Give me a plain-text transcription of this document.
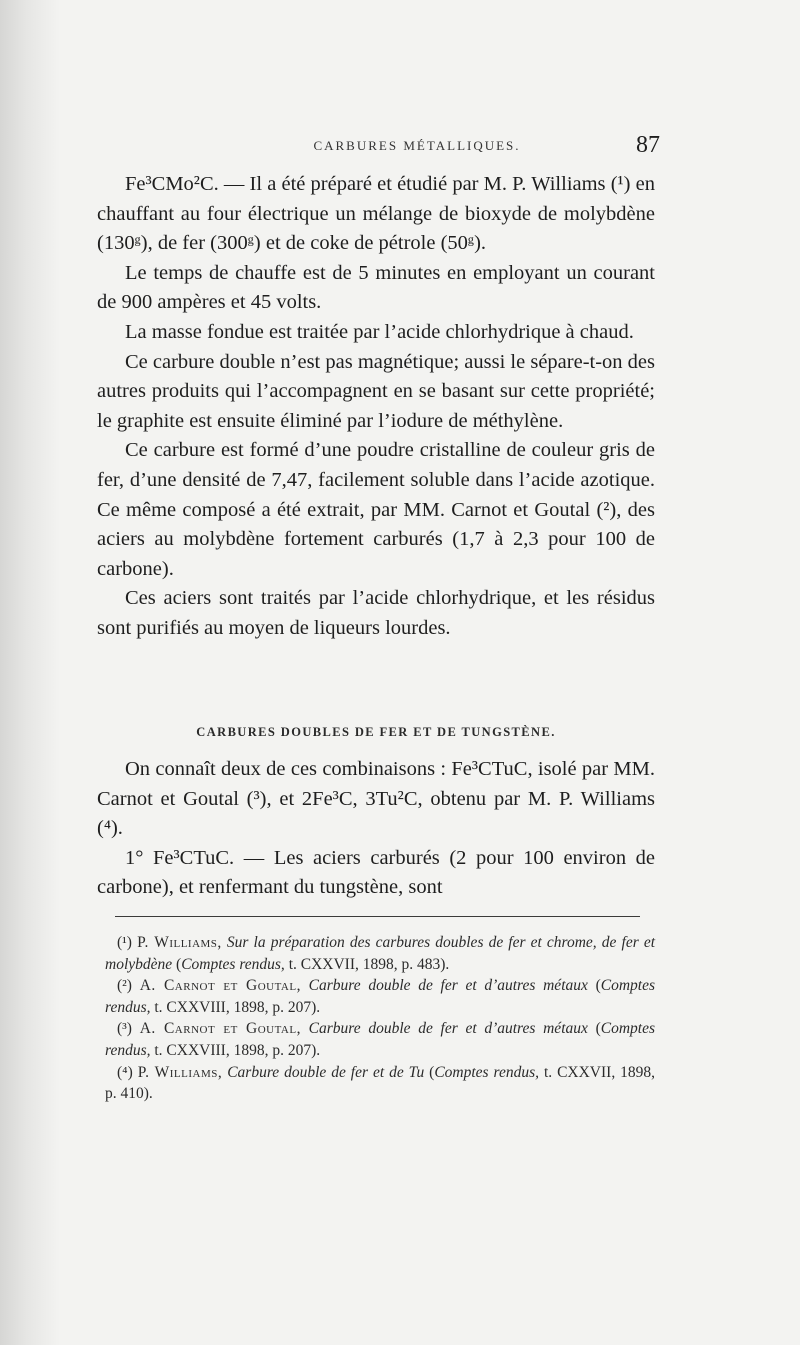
CARBURES MÉTALLIQUES.	87

Fe³CMo²C. — Il a été préparé et étudié par M. P. Williams (¹) en chauffant au four électrique un mélange de bioxyde de molybdène (130ᵍ), de fer (300ᵍ) et de coke de pétrole (50ᵍ).

Le temps de chauffe est de 5 minutes en employant un courant de 900 ampères et 45 volts.

La masse fondue est traitée par l’acide chlorhydrique à chaud.

Ce carbure double n’est pas magnétique; aussi le sépare-t-on des autres produits qui l’accompagnent en se basant sur cette propriété; le graphite est ensuite éliminé par l’iodure de méthylène.

Ce carbure est formé d’une poudre cristalline de couleur gris de fer, d’une densité de 7,47, facilement soluble dans l’acide azotique. Ce même composé a été extrait, par MM. Carnot et Goutal (²), des aciers au molybdène fortement carburés (1,7 à 2,3 pour 100 de carbone).

Ces aciers sont traités par l’acide chlorhydrique, et les résidus sont purifiés au moyen de liqueurs lourdes.

CARBURES DOUBLES DE FER ET DE TUNGSTÈNE.

On connaît deux de ces combinaisons : Fe³CTuC, isolé par MM. Carnot et Goutal (³), et 2Fe³C, 3Tu²C, obtenu par M. P. Williams (⁴).

1° Fe³CTuC. — Les aciers carburés (2 pour 100 environ de carbone), et renfermant du tungstène, sont

(¹) P. Williams, Sur la préparation des carbures doubles de fer et chrome, de fer et molybdène (Comptes rendus, t. CXXVII, 1898, p. 483).

(²) A. Carnot et Goutal, Carbure double de fer et d’autres métaux (Comptes rendus, t. CXXVIII, 1898, p. 207).

(³) A. Carnot et Goutal, Carbure double de fer et d’autres métaux (Comptes rendus, t. CXXVIII, 1898, p. 207).

(⁴) P. Williams, Carbure double de fer et de Tu (Comptes rendus, t. CXXVII, 1898, p. 410).
